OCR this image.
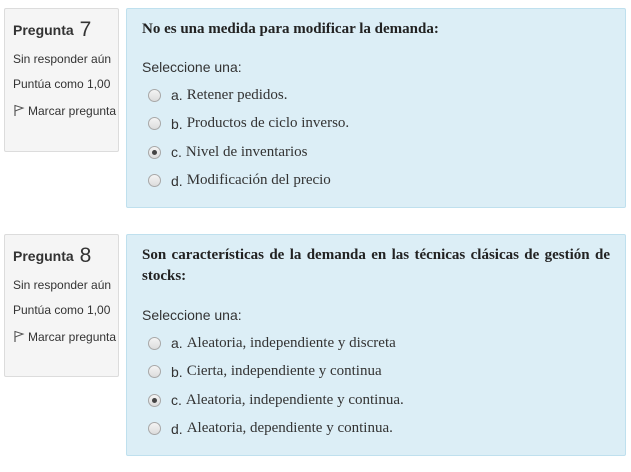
Pregunta 7
Sin responder aún
Puntúa como 1,00
Marcar pregunta

No es una medida para modificar la demanda:

Seleccione una:
a. Retener pedidos.
b. Productos de ciclo inverso.
c. Nivel de inventarios
d. Modificación del precio
Pregunta 8
Sin responder aún
Puntúa como 1,00
Marcar pregunta

Son características de la demanda en las técnicas clásicas de gestión de stocks:

Seleccione una:
a. Aleatoria, independiente y discreta
b. Cierta, independiente y continua
c. Aleatoria, independiente y continua.
d. Aleatoria, dependiente y continua.
